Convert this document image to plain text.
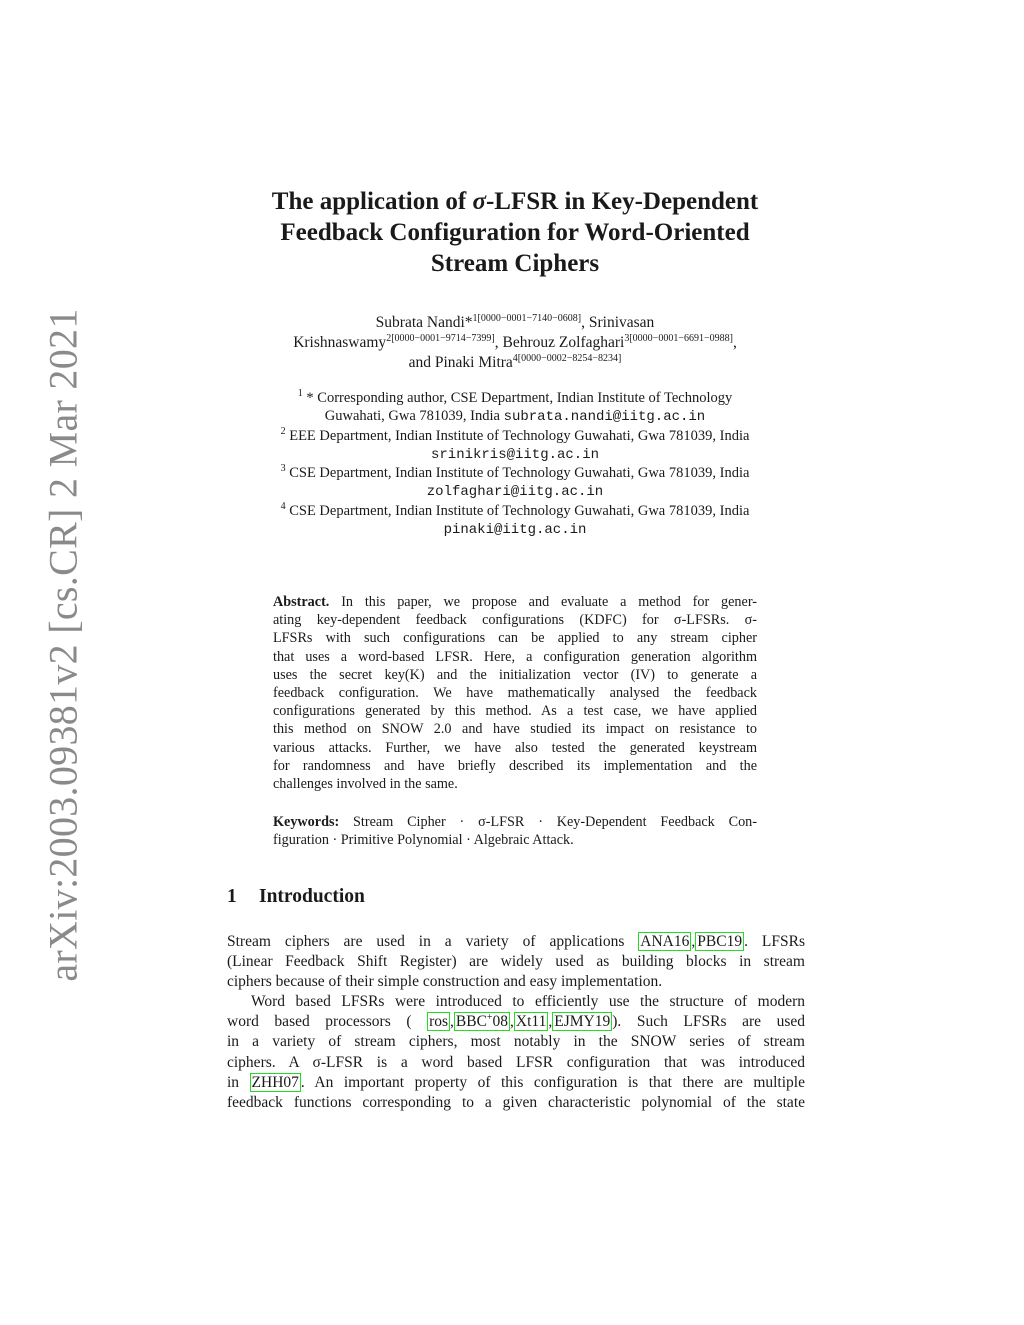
arXiv:2003.09381v2 [cs.CR] 2 Mar 2021
The application of σ-LFSR in Key-Dependent
Feedback Configuration for Word-Oriented
Stream Ciphers
Subrata Nandi*$^{1[0000-0001-7140-0608]}$, Srinivasan
Krishnaswamy$^{2[0000-0001-9714-7399]}$, Behrouz Zolfaghari$^{3[0000-0001-6691-0988]}$,
and Pinaki Mitra$^{4[0000-0002-8254-8234]}$
$^1$ * Corresponding author, CSE Department, Indian Institute of Technology
Guwahati, Gwa 781039, India subrata.nandi@iitg.ac.in
$^2$ EEE Department, Indian Institute of Technology Guwahati, Gwa 781039, India
srinikris@iitg.ac.in
$^3$ CSE Department, Indian Institute of Technology Guwahati, Gwa 781039, India
zolfaghari@iitg.ac.in
$^4$ CSE Department, Indian Institute of Technology Guwahati, Gwa 781039, India
pinaki@iitg.ac.in
Abstract. In this paper, we propose and evaluate a method for gener-
ating key-dependent feedback configurations (KDFC) for σ-LFSRs. σ-
LFSRs with such configurations can be applied to any stream cipher
that uses a word-based LFSR. Here, a configuration generation algorithm
uses the secret key(K) and the initialization vector (IV) to generate a
feedback configuration. We have mathematically analysed the feedback
configurations generated by this method. As a test case, we have applied
this method on SNOW 2.0 and have studied its impact on resistance to
various attacks. Further, we have also tested the generated keystream
for randomness and have briefly described its implementation and the
challenges involved in the same.
Keywords: Stream Cipher · σ-LFSR · Key-Dependent Feedback Con-
figuration · Primitive Polynomial · Algebraic Attack.
1 Introduction
Stream ciphers are used in a variety of applications ANA16 , PBC19 . LFSRs
(Linear Feedback Shift Register) are widely used as building blocks in stream
ciphers because of their simple construction and easy implementation.
Word based LFSRs were introduced to efficiently use the structure of modern
word based processors ( ros , BBC+08 , Xt11 , EJMY19 ). Such LFSRs are used
in a variety of stream ciphers, most notably in the SNOW series of stream
ciphers. A σ-LFSR is a word based LFSR configuration that was introduced
in ZHH07 . An important property of this configuration is that there are multiple
feedback functions corresponding to a given characteristic polynomial of the state
